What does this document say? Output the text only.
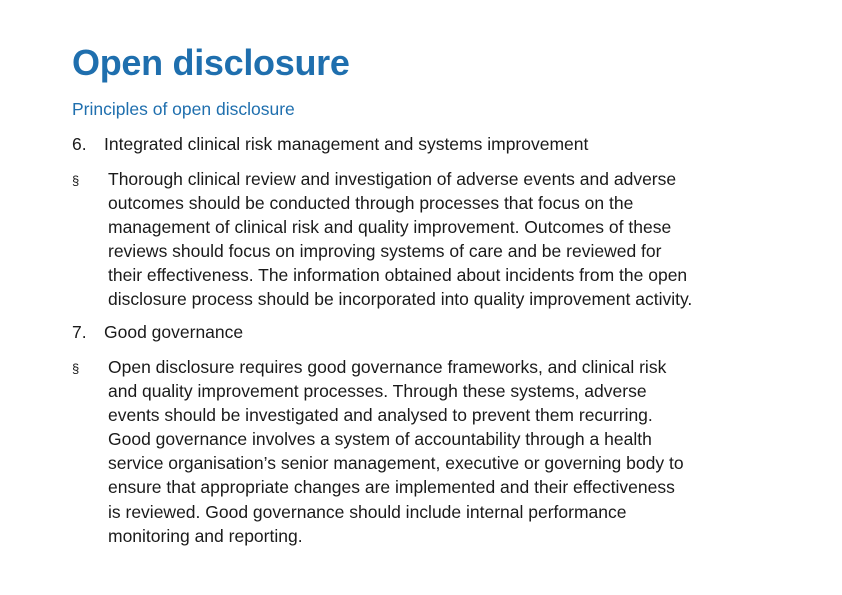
Open disclosure
Principles of open disclosure

6. Integrated clinical risk management and systems improvement

§ Thorough clinical review and investigation of adverse events and adverse
outcomes should be conducted through processes that focus on the
management of clinical risk and quality improvement. Outcomes of these
reviews should focus on improving systems of care and be reviewed for
their effectiveness. The information obtained about incidents from the open
disclosure process should be incorporated into quality improvement activity.

7. Good governance

§ Open disclosure requires good governance frameworks, and clinical risk
and quality improvement processes. Through these systems, adverse
events should be investigated and analysed to prevent them recurring.
Good governance involves a system of accountability through a health
service organisation’s senior management, executive or governing body to
ensure that appropriate changes are implemented and their effectiveness
is reviewed. Good governance should include internal performance
monitoring and reporting.
